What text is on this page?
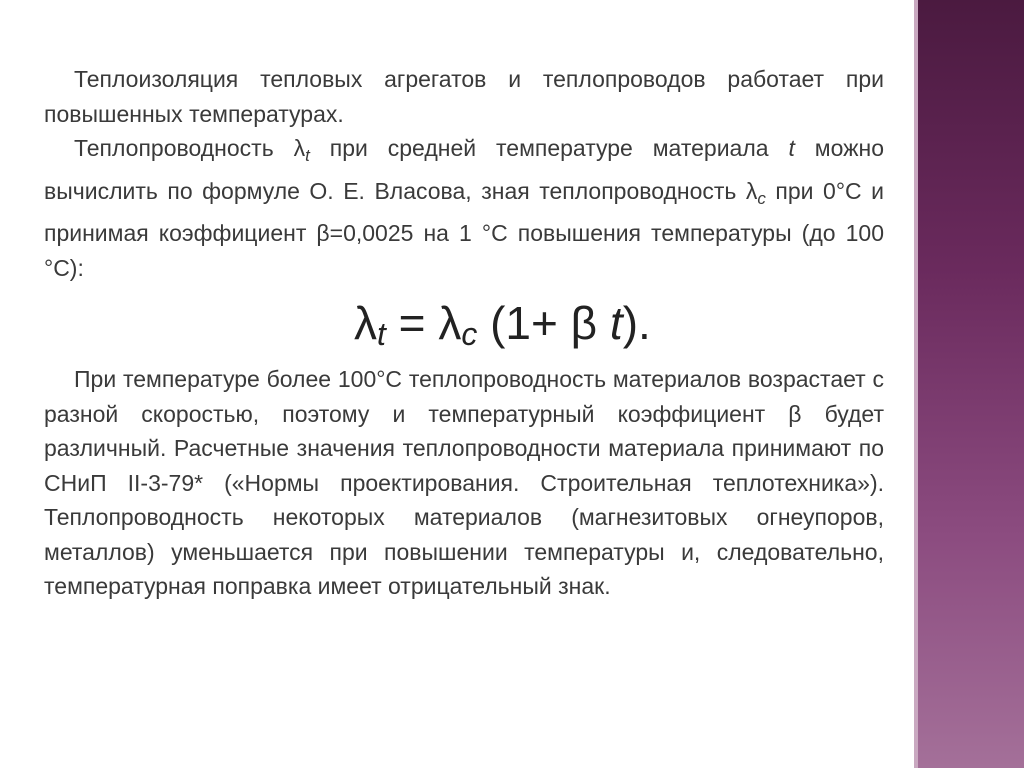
Теплоизоляция тепловых агрегатов и теплопроводов работает при повышенных температурах.

Теплопроводность $\lambda_t$ при средней температуре материала t можно вычислить по формуле О. Е. Власова, зная теплопроводность $\lambda_c$ при 0°С и принимая коэффициент β=0,0025 на 1 °С повышения температуры (до 100 °С):

$\lambda_t = \lambda_c$ (1+ β t).

При температуре более 100°С теплопроводность материалов возрастает с разной скоростью, поэтому и температурный коэффициент β будет различный. Расчетные значения теплопроводности материала принимают по СНиП II-3-79* («Нормы проектирования. Строительная теплотехника»). Теплопроводность некоторых материалов (магнезитовых огнеупоров, металлов) уменьшается при повышении температуры и, следовательно, температурная поправка имеет отрицательный знак.
